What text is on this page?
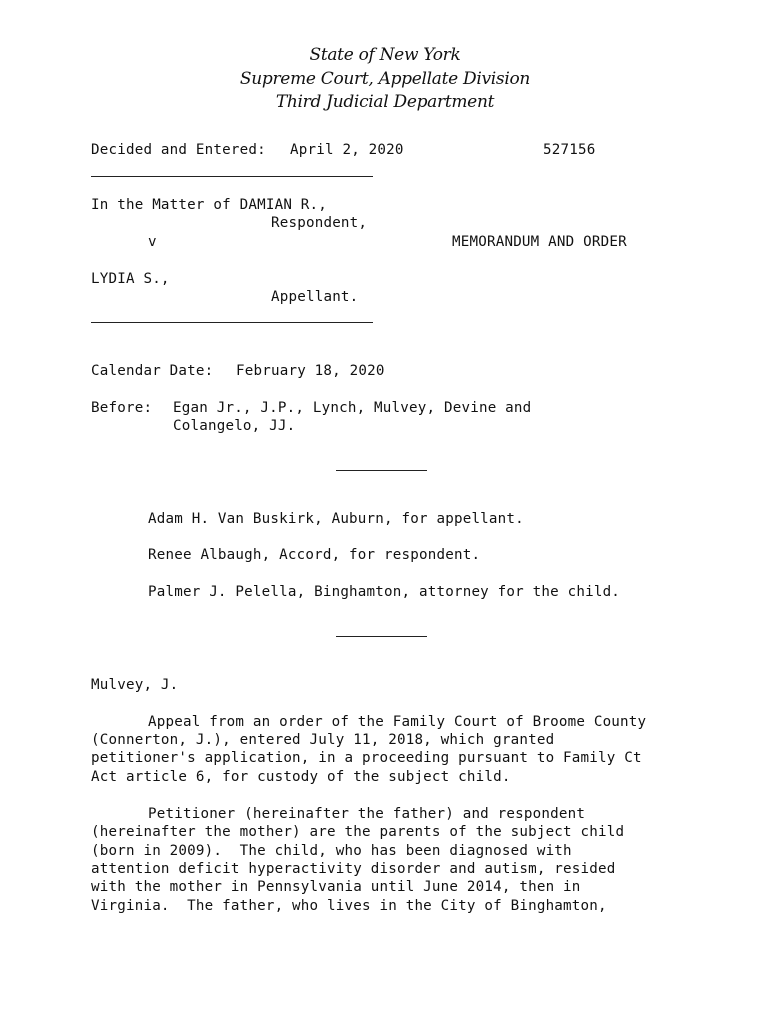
State of New York
Supreme Court, Appellate Division
Third Judicial Department
Decided and Entered: April 2, 2020	527156
In the Matter of DAMIAN R.,
Respondent,
v	MEMORANDUM AND ORDER
LYDIA S.,
Appellant.
Calendar Date: February 18, 2020
Before: Egan Jr., J.P., Lynch, Mulvey, Devine and
Colangelo, JJ.
Adam H. Van Buskirk, Auburn, for appellant.
Renee Albaugh, Accord, for respondent.
Palmer J. Pelella, Binghamton, attorney for the child.
Mulvey, J.
Appeal from an order of the Family Court of Broome County
(Connerton, J.), entered July 11, 2018, which granted
petitioner's application, in a proceeding pursuant to Family Ct
Act article 6, for custody of the subject child.
Petitioner (hereinafter the father) and respondent
(hereinafter the mother) are the parents of the subject child
(born in 2009).  The child, who has been diagnosed with
attention deficit hyperactivity disorder and autism, resided
with the mother in Pennsylvania until June 2014, then in
Virginia.  The father, who lives in the City of Binghamton,
